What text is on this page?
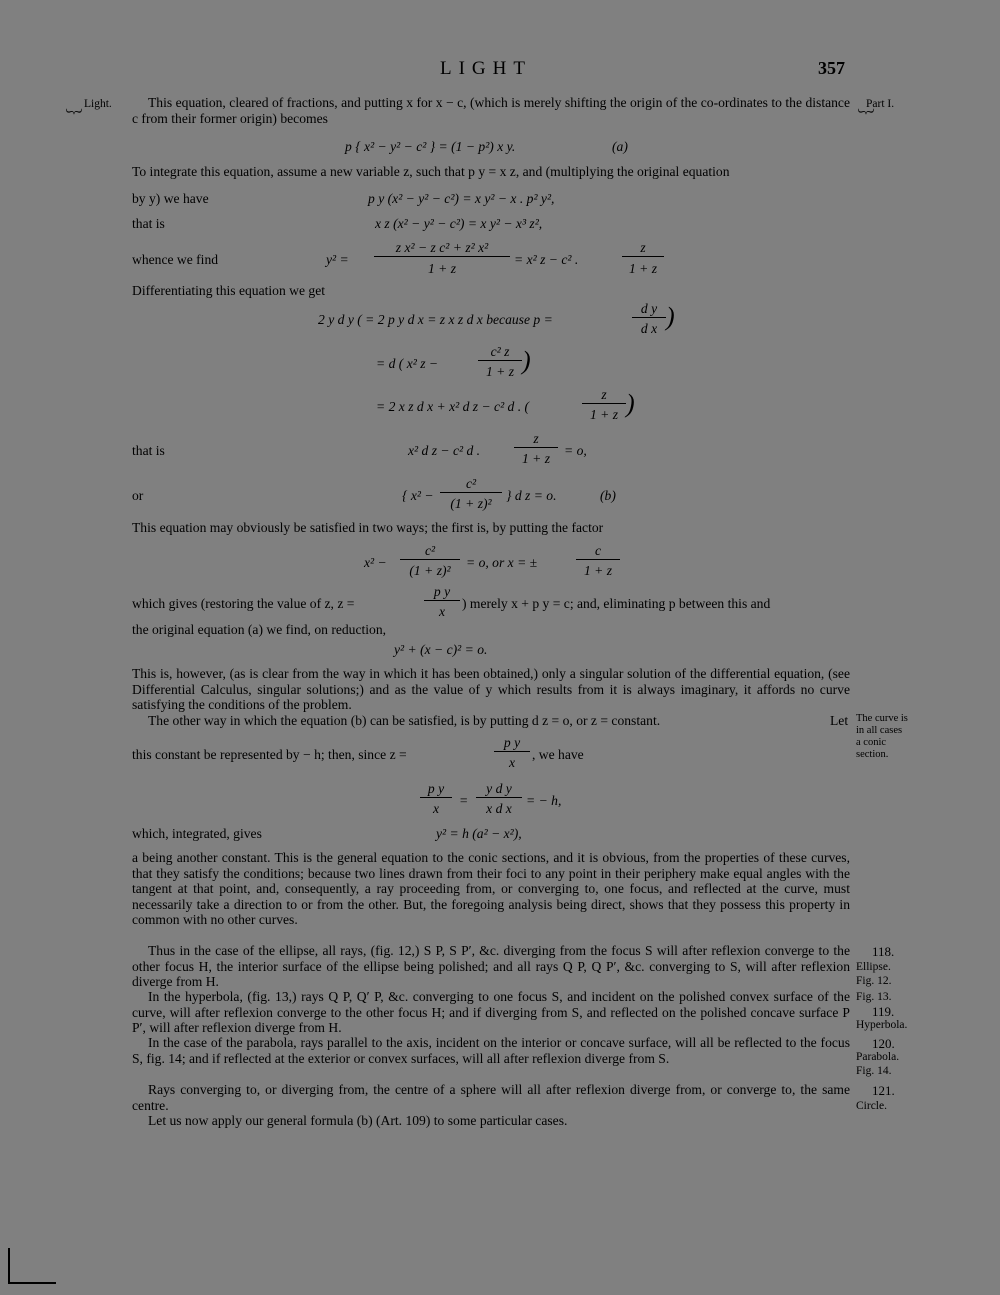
LIGHT	357
Light.
︸
Part I.
︸

This equation, cleared of fractions, and putting x for x − c, (which is merely shifting the origin of the co-ordinates to the distance c from their former origin) becomes

p { x² − y² − c² } = (1 − p²) x y.	(a)
To integrate this equation, assume a new variable z, such that p y = x z, and (multiplying the original equation
by y) we have	p y (x² − y² − c²) = x y² − x . p² y²,
that is	x z (x² − y² − c²) = x y² − x³ z²,
whence we find	y² =
z x² − z c² + z² x²
1 + z
= x² z − c² .
z
1 + z
Differentiating this equation we get
2 y d y ( = 2 p y d x = z x z d x because p =
d y
d x )
= d ( x² z −
c² z
1 + z )
= 2 x z d x + x² d z − c² d . (
z
1 + z )
that is	x² d z − c² d .
z
1 + z
= o,
or	{ x² −
c²
(1 + z)²
} d z = o.	(b)
This equation may obviously be satisfied in two ways; the first is, by putting the factor
x² −
c²
(1 + z)²
= o, or x = ±
c
1 + z
which gives (restoring the value of z, z =
p y
x
) merely x + p y = c; and, eliminating p between this and
the original equation (a) we find, on reduction,
y² + (x − c)² = o.

This is, however, (as is clear from the way in which it has been obtained,) only a singular solution of the differential equation, (see Differential Calculus, singular solutions;) and as the value of y which results from it is always imaginary, it affords no curve satisfying the conditions of the problem.

The other way in which the equation (b) can be satisfied, is by putting d z = o, or z = constant.	Let The curve is
in all cases
a conic
section.
this constant be represented by − h; then, since z =
p y
x
, we have
p y
x
=
y d y
x d x
= − h,
which, integrated, gives	y² = h (a² − x²),

a being another constant. This is the general equation to the conic sections, and it is obvious, from the properties of these curves, that they satisfy the conditions; because two lines drawn from their foci to any point in their periphery make equal angles with the tangent at that point, and, consequently, a ray proceeding from, or converging to, one focus, and reflected at the curve, must necessarily take a direction to or from the other. But, the foregoing analysis being direct, shows that they possess this property in common with no other curves.

Thus in the case of the ellipse, all rays, (fig. 12,) S P, S P′, &c. diverging from the focus S will after reflexion converge to the other focus H, the interior surface of the ellipse being polished; and all rays Q P, Q P′, &c. converging to S, will after reflexion diverge from H.

118.
Ellipse.
Fig. 12.

In the hyperbola, (fig. 13,) rays Q P, Q′ P, &c. converging to one focus S, and incident on the polished convex surface of the curve, will after reflexion converge to the other focus H; and if diverging from S, and reflected on the polished concave surface P P′, will after reflexion diverge from H.

Fig. 13.
119.
Hyperbola.

In the case of the parabola, rays parallel to the axis, incident on the interior or concave surface, will all be reflected to the focus S, fig. 14; and if reflected at the exterior or convex surfaces, will all after reflexion diverge from S.

120.
Parabola.
Fig. 14.

Rays converging to, or diverging from, the centre of a sphere will all after reflexion diverge from, or converge to, the same centre.

121.
Circle.
Let us now apply our general formula (b) (Art. 109) to some particular cases.
